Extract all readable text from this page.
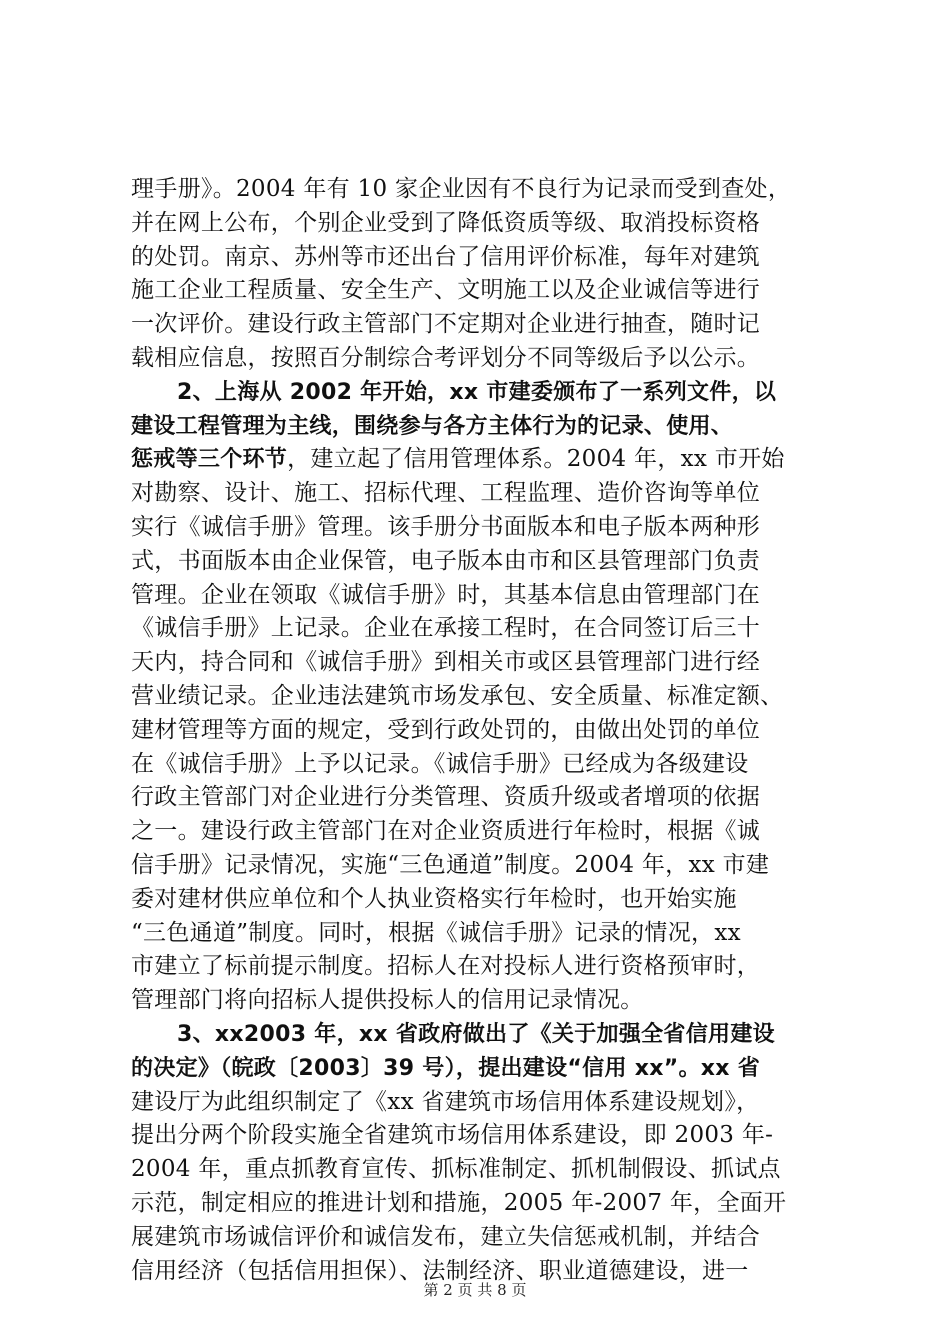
理手册》。2004 年有 10 家企业因有不良行为记录而受到查处，
并在网上公布，个别企业受到了降低资质等级、取消投标资格
的处罚。南京、苏州等市还出台了信用评价标准，每年对建筑
施工企业工程质量、安全生产、文明施工以及企业诚信等进行
一次评价。建设行政主管部门不定期对企业进行抽查，随时记
载相应信息，按照百分制综合考评划分不同等级后予以公示。
2、上海从 2002 年开始，xx 市建委颁布了一系列文件，以
建设工程管理为主线，围绕参与各方主体行为的记录、使用、
惩戒等三个环节，建立起了信用管理体系。2004 年，xx 市开始
对勘察、设计、施工、招标代理、工程监理、造价咨询等单位
实行《诚信手册》管理。该手册分书面版本和电子版本两种形
式，书面版本由企业保管，电子版本由市和区县管理部门负责
管理。企业在领取《诚信手册》时，其基本信息由管理部门在
《诚信手册》上记录。企业在承接工程时，在合同签订后三十
天内，持合同和《诚信手册》到相关市或区县管理部门进行经
营业绩记录。企业违法建筑市场发承包、安全质量、标准定额、
建材管理等方面的规定，受到行政处罚的，由做出处罚的单位
在《诚信手册》上予以记录。《诚信手册》已经成为各级建设
行政主管部门对企业进行分类管理、资质升级或者增项的依据
之一。建设行政主管部门在对企业资质进行年检时，根据《诚
信手册》记录情况，实施“三色通道”制度。2004 年，xx 市建
委对建材供应单位和个人执业资格实行年检时，也开始实施
“三色通道”制度。同时，根据《诚信手册》记录的情况，xx
市建立了标前提示制度。招标人在对投标人进行资格预审时，
管理部门将向招标人提供投标人的信用记录情况。
3、xx2003 年，xx 省政府做出了《关于加强全省信用建设
的决定》（皖政〔2003〕39 号），提出建设“信用 xx”。xx 省
建设厅为此组织制定了《xx 省建筑市场信用体系建设规划》，
提出分两个阶段实施全省建筑市场信用体系建设，即 2003 年-
2004 年，重点抓教育宣传、抓标准制定、抓机制假设、抓试点
示范，制定相应的推进计划和措施，2005 年-2007 年，全面开
展建筑市场诚信评价和诚信发布，建立失信惩戒机制，并结合
信用经济（包括信用担保）、法制经济、职业道德建设，进一
第 2 页 共 8 页
